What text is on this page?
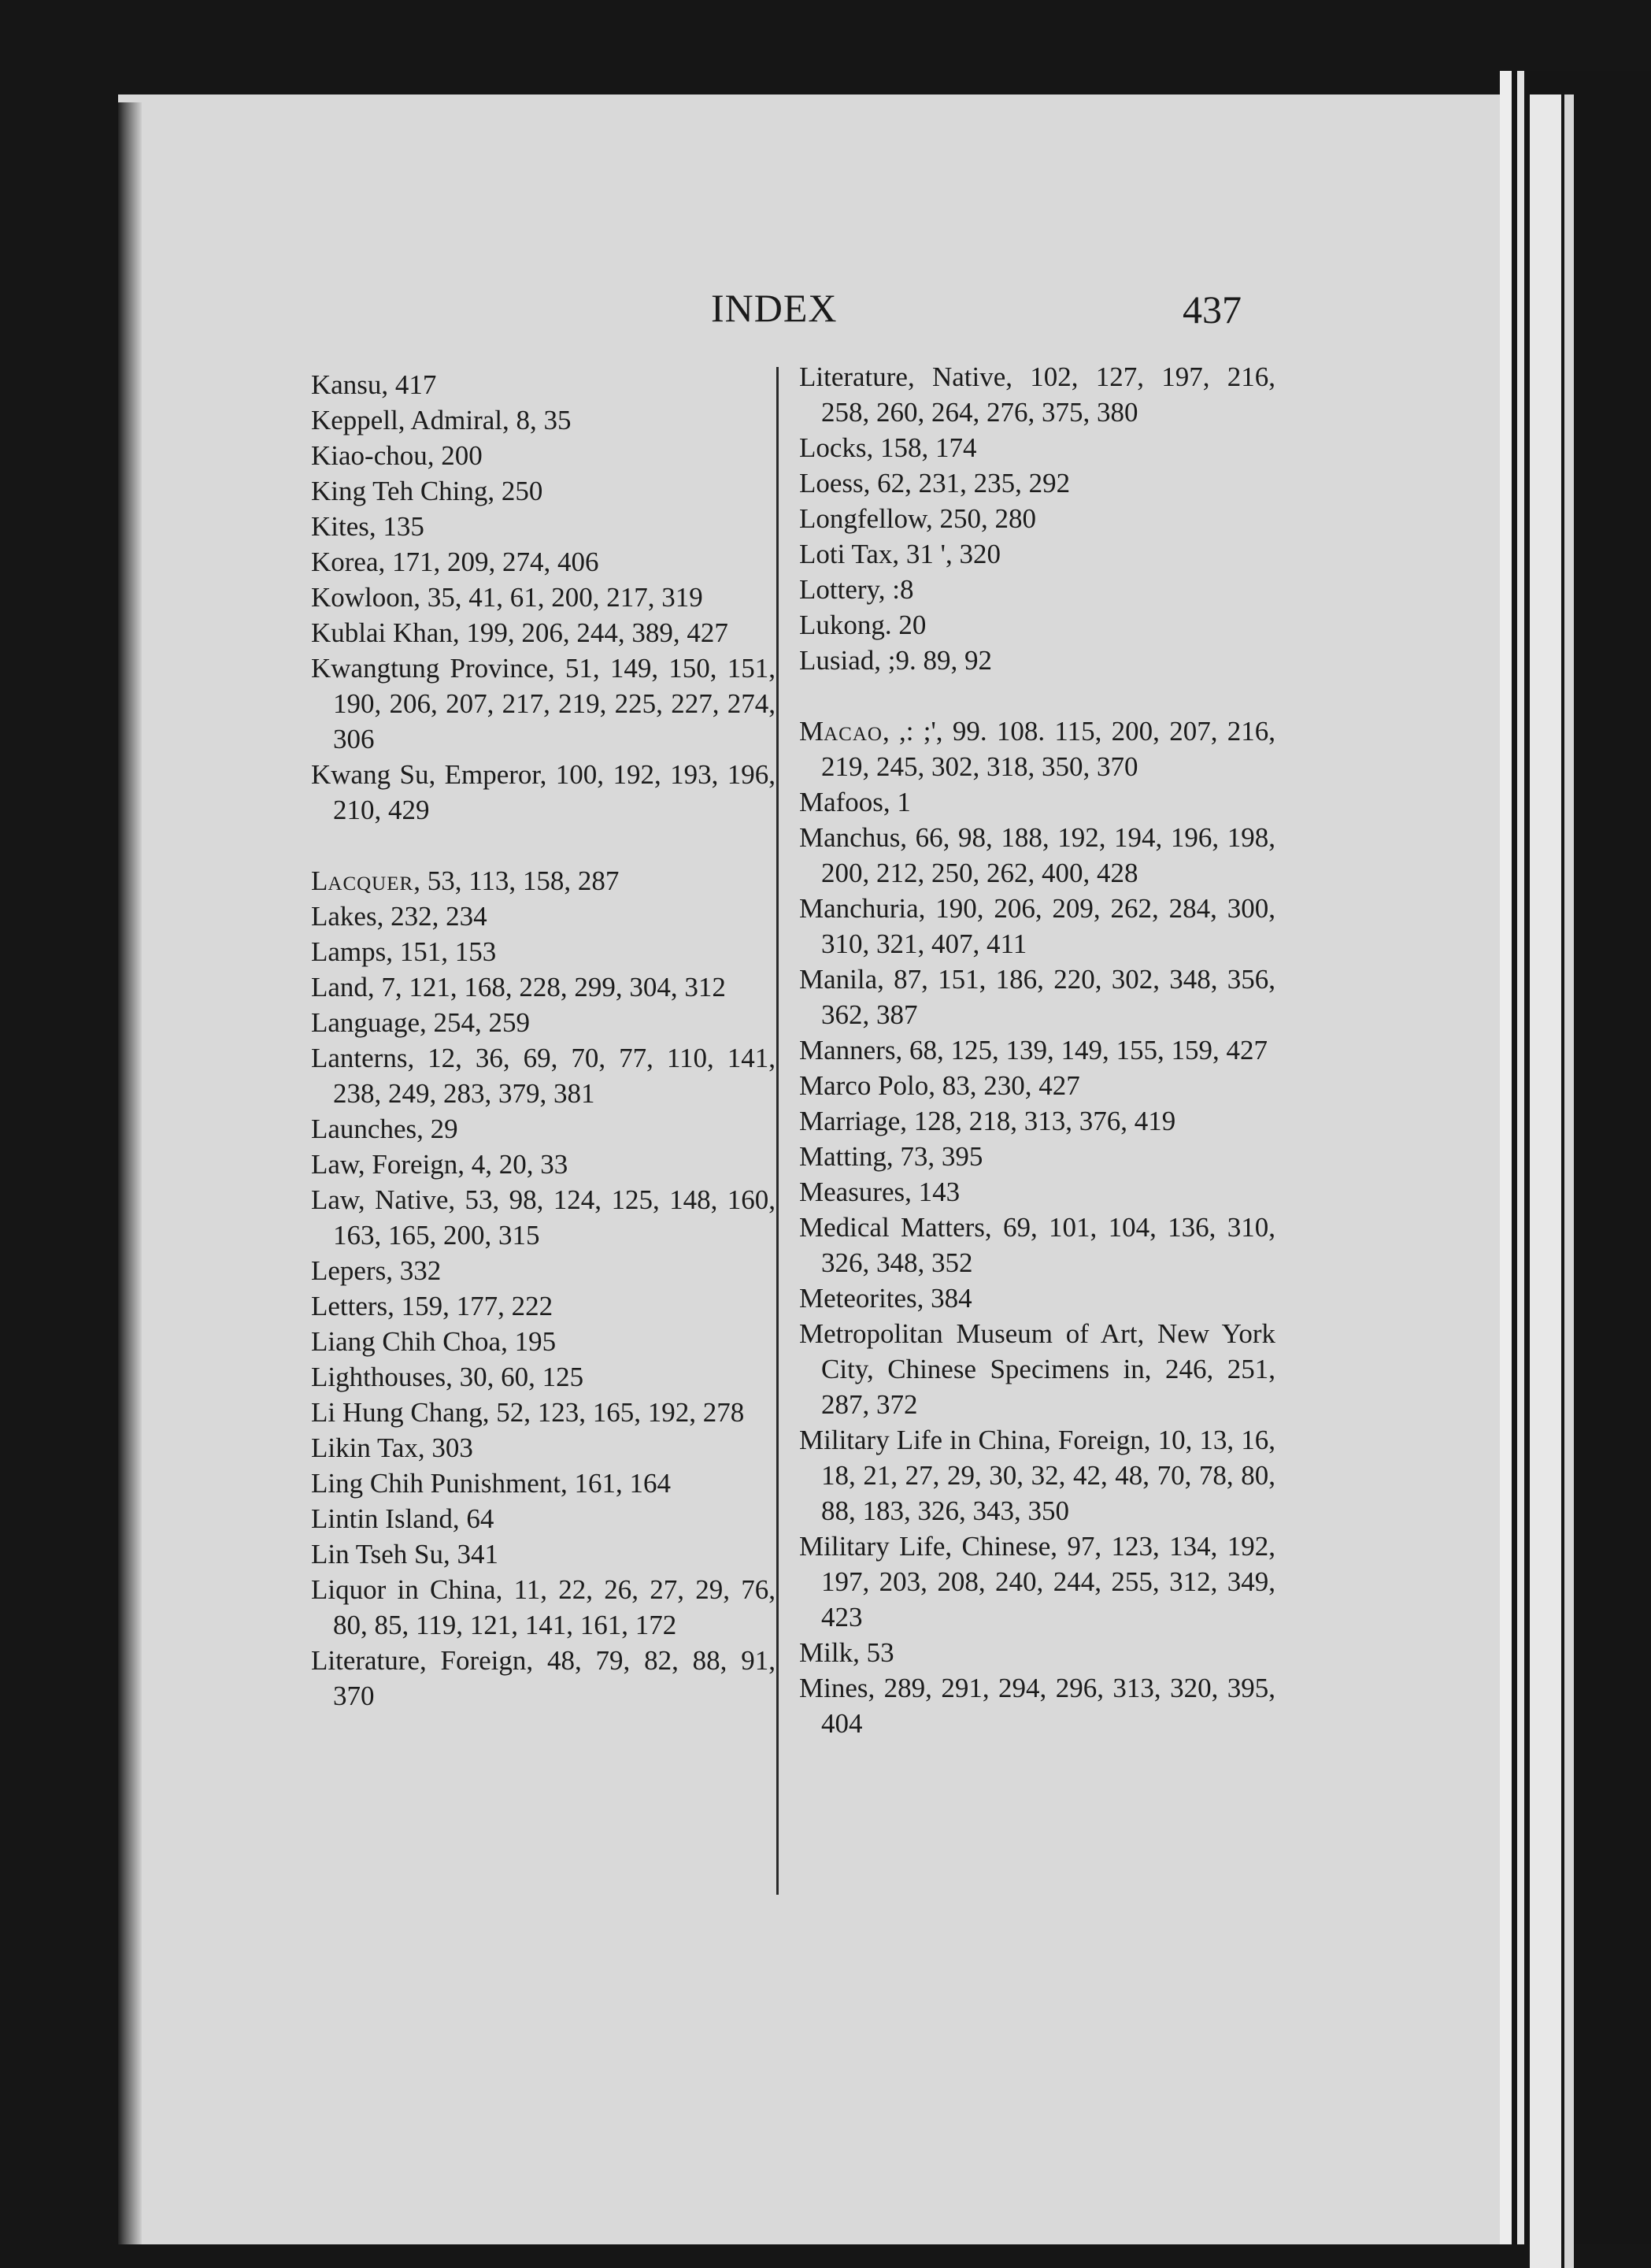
INDEX	437
Kansu, 417
Keppell, Admiral, 8, 35
Kiao-chou, 200
King Teh Ching, 250
Kites, 135
Korea, 171, 209, 274, 406
Kowloon, 35, 41, 61, 200, 217, 319
Kublai Khan, 199, 206, 244, 389, 427
Kwangtung Province, 51, 149, 150, 151, 190, 206, 207, 217, 219, 225, 227, 274, 306
Kwang Su, Emperor, 100, 192, 193, 196, 210, 429
Lacquer, 53, 113, 158, 287
Lakes, 232, 234
Lamps, 151, 153
Land, 7, 121, 168, 228, 299, 304, 312
Language, 254, 259
Lanterns, 12, 36, 69, 70, 77, 110, 141, 238, 249, 283, 379, 381
Launches, 29
Law, Foreign, 4, 20, 33
Law, Native, 53, 98, 124, 125, 148, 160, 163, 165, 200, 315
Lepers, 332
Letters, 159, 177, 222
Liang Chih Choa, 195
Lighthouses, 30, 60, 125
Li Hung Chang, 52, 123, 165, 192, 278
Likin Tax, 303
Ling Chih Punishment, 161, 164
Lintin Island, 64
Lin Tseh Su, 341
Liquor in China, 11, 22, 26, 27, 29, 76, 80, 85, 119, 121, 141, 161, 172
Literature, Foreign, 48, 79, 82, 88, 91, 370
Literature, Native, 102, 127, 197, 216, 258, 260, 264, 276, 375, 380
Locks, 158, 174
Loess, 62, 231, 235, 292
Longfellow, 250, 280
Loti Tax, 31 ', 320
Lottery, :8
Lukong. 20
Lusiad, ;9. 89, 92
Macao, ,: ;', 99. 108. 115, 200, 207, 216, 219, 245, 302, 318, 350, 370
Mafoos, 1
Manchus, 66, 98, 188, 192, 194, 196, 198, 200, 212, 250, 262, 400, 428
Manchuria, 190, 206, 209, 262, 284, 300, 310, 321, 407, 411
Manila, 87, 151, 186, 220, 302, 348, 356, 362, 387
Manners, 68, 125, 139, 149, 155, 159, 427
Marco Polo, 83, 230, 427
Marriage, 128, 218, 313, 376, 419
Matting, 73, 395
Measures, 143
Medical Matters, 69, 101, 104, 136, 310, 326, 348, 352
Meteorites, 384
Metropolitan Museum of Art, New York City, Chinese Specimens in, 246, 251, 287, 372
Military Life in China, Foreign, 10, 13, 16, 18, 21, 27, 29, 30, 32, 42, 48, 70, 78, 80, 88, 183, 326, 343, 350
Military Life, Chinese, 97, 123, 134, 192, 197, 203, 208, 240, 244, 255, 312, 349, 423
Milk, 53
Mines, 289, 291, 294, 296, 313, 320, 395, 404
